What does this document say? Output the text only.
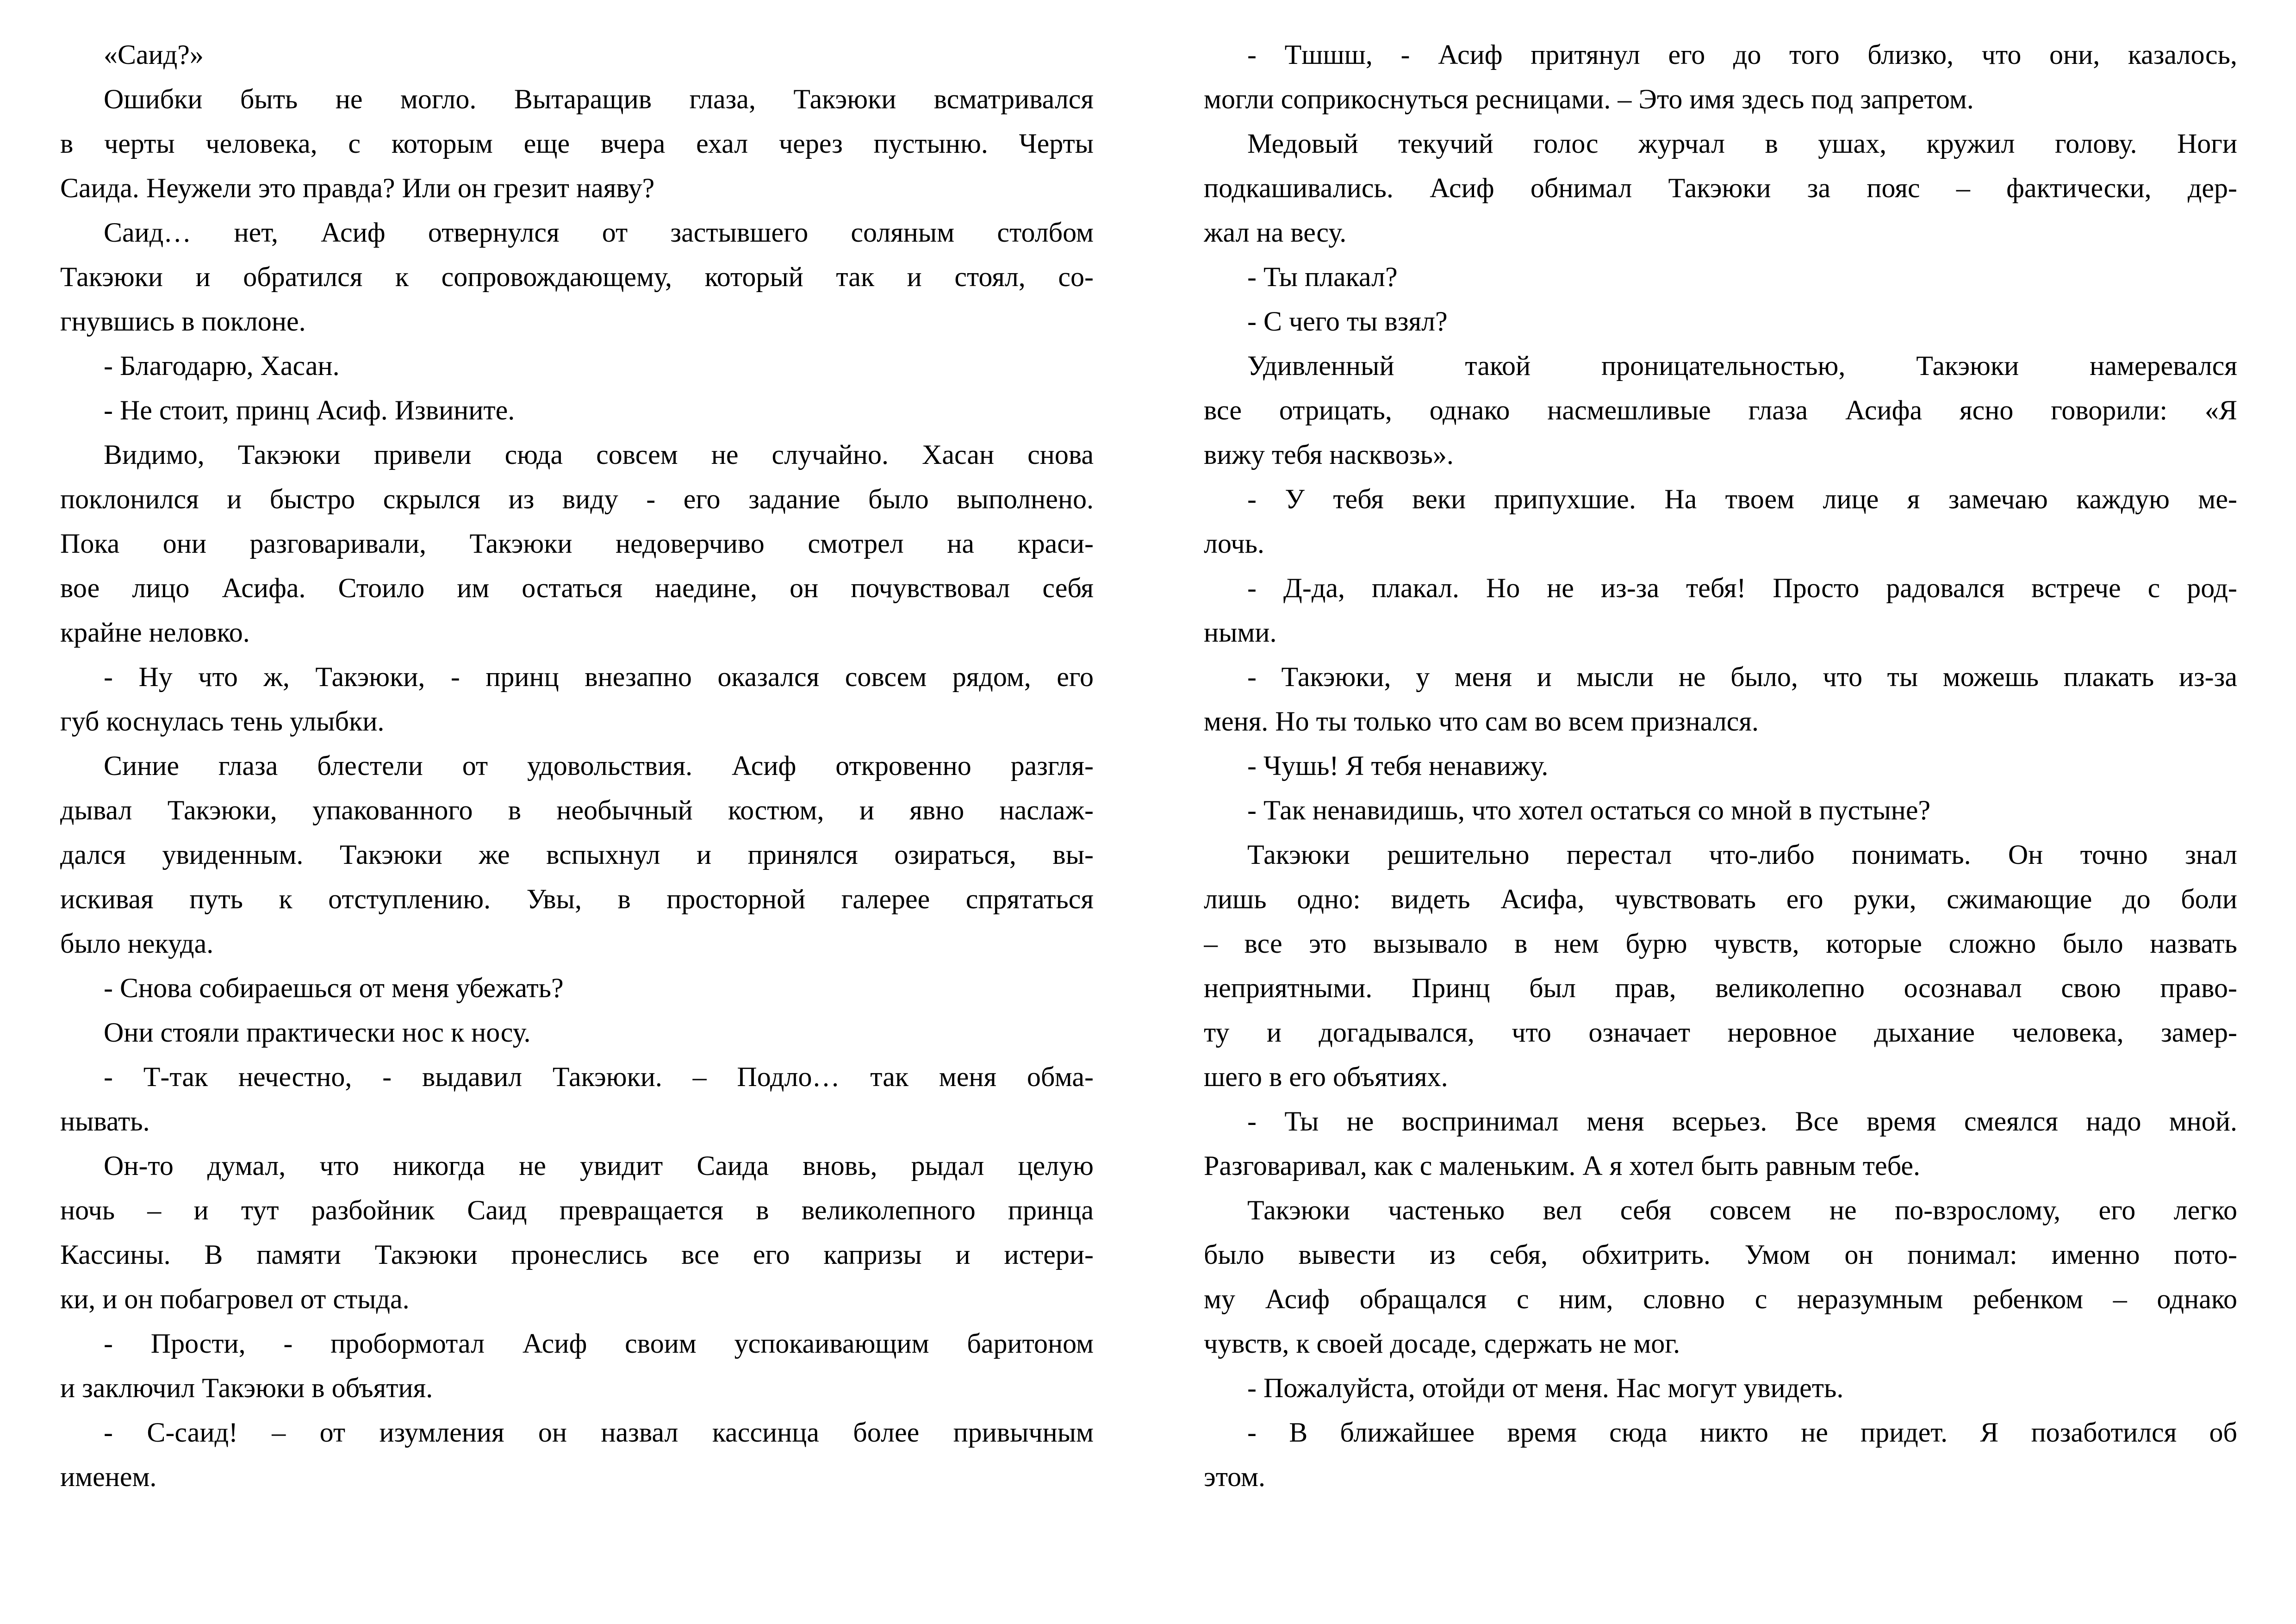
«Саид?»
Ошибки быть не могло. Вытаращив глаза, Такэюки всматривался
в черты человека, с которым еще вчера ехал через пустыню. Черты
Саида. Неужели это правда? Или он грезит наяву?
Саид… нет, Асиф отвернулся от застывшего соляным столбом
Такэюки и обратился к сопровождающему, который так и стоял, со-
гнувшись в поклоне.
- Благодарю, Хасан.
- Не стоит, принц Асиф. Извините.
Видимо, Такэюки привели сюда совсем не случайно. Хасан снова
поклонился и быстро скрылся из виду - его задание было выполнено.
Пока они разговаривали, Такэюки недоверчиво смотрел на краси-
вое лицо Асифа. Стоило им остаться наедине, он почувствовал себя
крайне неловко.
- Ну что ж, Такэюки, - принц внезапно оказался совсем рядом, его
губ коснулась тень улыбки.
Синие глаза блестели от удовольствия. Асиф откровенно разгля-
дывал Такэюки, упакованного в необычный костюм, и явно наслаж-
дался увиденным. Такэюки же вспыхнул и принялся озираться, вы-
искивая путь к отступлению. Увы, в просторной галерее спрятаться
было некуда.
- Снова собираешься от меня убежать?
Они стояли практически нос к носу.
- Т-так нечестно, - выдавил Такэюки. – Подло… так меня обма-
нывать.
Он-то думал, что никогда не увидит Саида вновь, рыдал целую
ночь – и тут разбойник Саид превращается в великолепного принца
Кассины. В памяти Такэюки пронеслись все его капризы и истери-
ки, и он побагровел от стыда.
- Прости, - пробормотал Асиф своим успокаивающим баритоном
и заключил Такэюки в объятия.
- С-саид! – от изумления он назвал кассинца более привычным
именем.
- Тшшш, - Асиф притянул его до того близко, что они, казалось,
могли соприкоснуться ресницами. – Это имя здесь под запретом.
Медовый текучий голос журчал в ушах, кружил голову. Ноги
подкашивались. Асиф обнимал Такэюки за пояс – фактически, дер-
жал на весу.
- Ты плакал?
- С чего ты взял?
Удивленный такой проницательностью, Такэюки намеревался
все отрицать, однако насмешливые глаза Асифа ясно говорили: «Я
вижу тебя насквозь».
- У тебя веки припухшие. На твоем лице я замечаю каждую ме-
лочь.
- Д-да, плакал. Но не из-за тебя! Просто радовался встрече с род-
ными.
- Такэюки, у меня и мысли не было, что ты можешь плакать из-за
меня. Но ты только что сам во всем признался.
- Чушь! Я тебя ненавижу.
- Так ненавидишь, что хотел остаться со мной в пустыне?
Такэюки решительно перестал что-либо понимать. Он точно знал
лишь одно: видеть Асифа, чувствовать его руки, сжимающие до боли
– все это вызывало в нем бурю чувств, которые сложно было назвать
неприятными. Принц был прав, великолепно осознавал свою право-
ту и догадывался, что означает неровное дыхание человека, замер-
шего в его объятиях.
- Ты не воспринимал меня всерьез. Все время смеялся надо мной.
Разговаривал, как с маленьким. А я хотел быть равным тебе.
Такэюки частенько вел себя совсем не по-взрослому, его легко
было вывести из себя, обхитрить. Умом он понимал: именно пото-
му Асиф обращался с ним, словно с неразумным ребенком – однако
чувств, к своей досаде, сдержать не мог.
- Пожалуйста, отойди от меня. Нас могут увидеть.
- В ближайшее время сюда никто не придет. Я позаботился об
этом.
